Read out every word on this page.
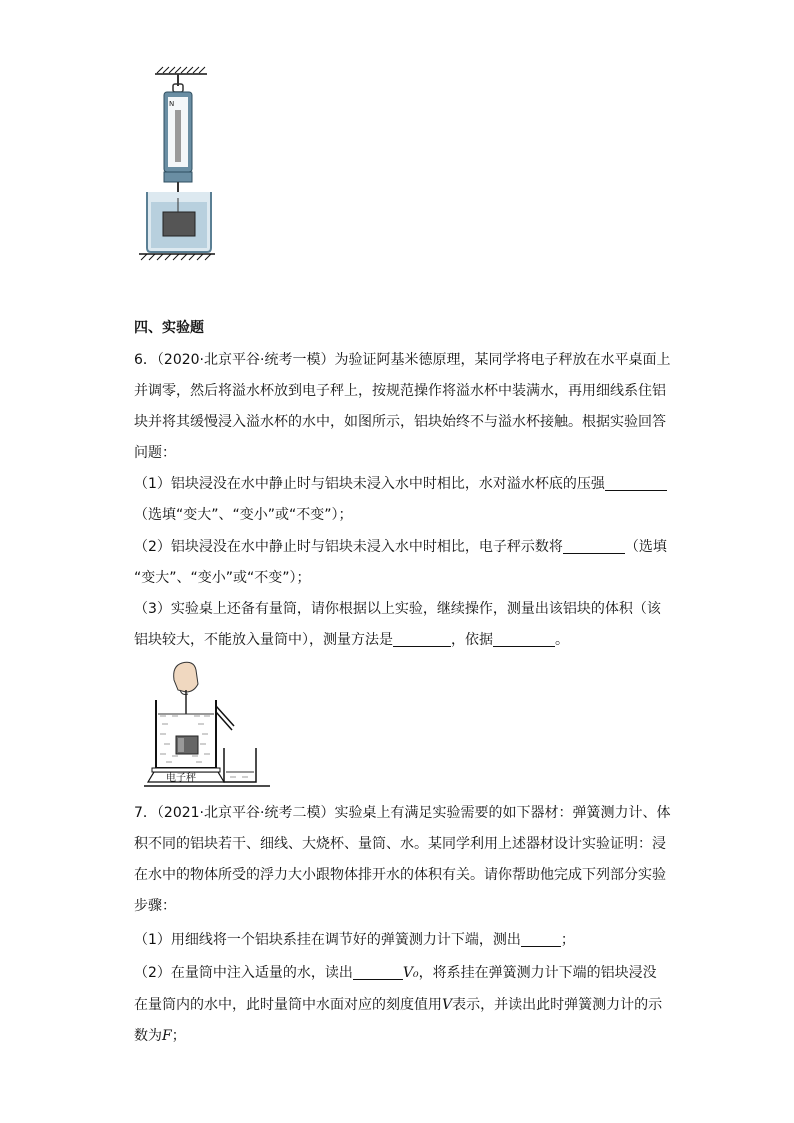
N
四、实验题
6．（2020·北京平谷·统考一模）为验证阿基米德原理，某同学将电子秤放在水平桌面上
并调零，然后将溢水杯放到电子秤上，按规范操作将溢水杯中装满水，再用细线系住铝
块并将其缓慢浸入溢水杯的水中，如图所示，铝块始终不与溢水杯接触。根据实验回答
问题：
（1）铝块浸没在水中静止时与铝块未浸入水中时相比，水对溢水杯底的压强
（选填“变大”、“变小”或“不变”）；
（2）铝块浸没在水中静止时与铝块未浸入水中时相比，电子秤示数将	（选填
“变大”、“变小”或“不变”）；
（3）实验桌上还备有量筒，请你根据以上实验，继续操作，测量出该铝块的体积（该
铝块较大，不能放入量筒中），测量方法是	，依据	。
电子秤
7．（2021·北京平谷·统考二模）实验桌上有满足实验需要的如下器材：弹簧测力计、体
积不同的铝块若干、细线、大烧杯、量筒、水。某同学利用上述器材设计实验证明：浸
在水中的物体所受的浮力大小跟物体排开水的体积有关。请你帮助他完成下列部分实验
步骤：
（1）用细线将一个铝块系挂在调节好的弹簧测力计下端，测出	；
（2）在量筒中注入适量的水，读出	V₀，将系挂在弹簧测力计下端的铝块浸没
在量筒内的水中，此时量筒中水面对应的刻度值用V表示，并读出此时弹簧测力计的示
数为F；
